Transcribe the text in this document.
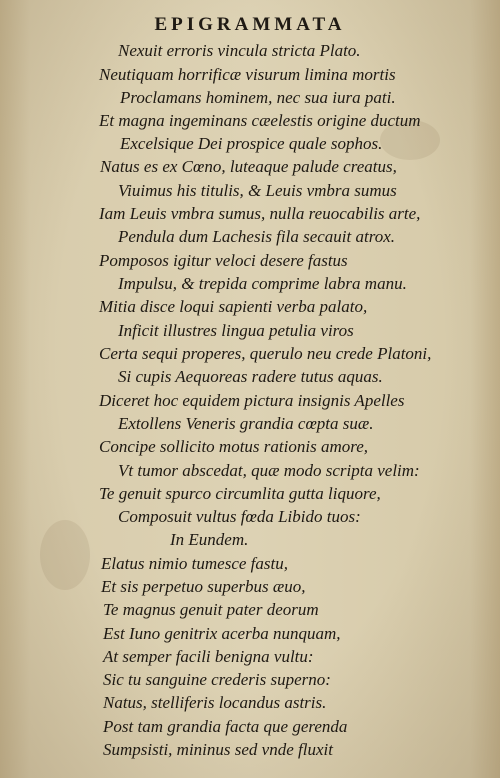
EPIGRAMMATA
Nexuit erroris vincula stricta Plato.
Neutiquam horrificæ visurum limina mortis
Proclamans hominem, nec sua iura pati.
Et magna ingeminans cæelestis origine ductum
Excelsique Dei prospice quale sophos.
Natus es ex Cœno, luteaque palude creatus,
Viuimus his titulis, & Leuis vmbra sumus
Iam Leuis vmbra sumus, nulla reuocabilis arte,
Pendula dum Lachesis fila secauit atrox.
Pomposos igitur veloci desere fastus
Impulsu, & trepida comprime labra manu.
Mitia disce loqui sapienti verba palato,
Inficit illustres lingua petulia viros
Certa sequi properes, querulo neu crede Platoni,
Si cupis Aequoreas radere tutus aquas.
Diceret hoc equidem pictura insignis Apelles
Extollens Veneris grandia cœpta suæ.
Concipe sollicito motus rationis amore,
Vt tumor abscedat, quæ modo scripta velim:
Te genuit spurco circumlita gutta liquore,
Composuit vultus fœda Libido tuos:
In Eundem.
Elatus nimio tumesce fastu,
Et sis perpetuo superbus æuo,
Te magnus genuit pater deorum
Est Iuno genitrix acerba nunquam,
At semper facili benigna vultu:
Sic tu sanguine crederis superno:
Natus, stelliferis locandus astris.
Post tam grandia facta que gerenda
Sumpsisti, mininus sed vnde fluxit
